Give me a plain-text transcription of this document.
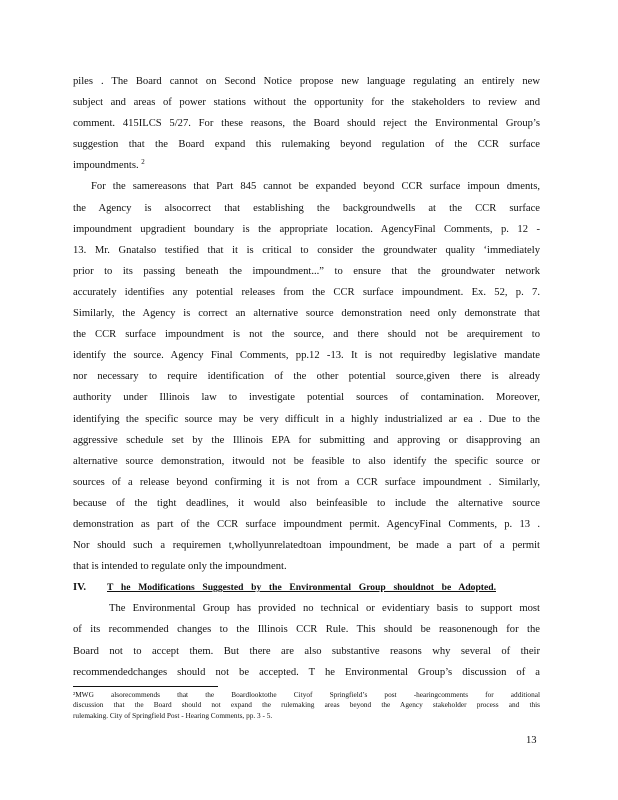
piles . The Board cannot on Second Notice propose new language regulating an entirely new
subject and areas of power stations without the opportunity for the stakeholders to review and
comment. 415ILCS 5/27. For these reasons, the Board should reject the Environmental Group’s
suggestion that the Board expand this rulemaking beyond regulation of the CCR surface
impoundments. $^2$
For the samereasons that Part 845 cannot be expanded beyond CCR surface impoun dments,
the Agency is alsocorrect that establishing the backgroundwells at the CCR surface
impoundment upgradient boundary is the appropriate location. AgencyFinal Comments, p. 12 -
13. Mr. Gnatalso testified that it is critical to consider the groundwater quality ‘immediately
prior to its passing beneath the impoundment...” to ensure that the groundwater network
accurately identifies any potential releases from the CCR surface impoundment. Ex. 52, p. 7.
Similarly, the Agency is correct an alternative source demonstration need only demonstrate that
the CCR surface impoundment is not the source, and there should not be arequirement to
identify the source. Agency Final Comments, pp.12 -13. It is not requiredby legislative mandate
nor necessary to require identification of the other potential source,given there is already
authority under Illinois law to investigate potential sources of contamination. Moreover,
identifying the specific source may be very difficult in a highly industrialized ar ea . Due to the
aggressive schedule set by the Illinois EPA for submitting and approving or disapproving an
alternative source demonstration, itwould not be feasible to also identify the specific source or
sources of a release beyond confirming it is not from a CCR surface impoundment . Similarly,
because of the tight deadlines, it would also beinfeasible to include the alternative source
demonstration as part of the CCR surface impoundment permit. AgencyFinal Comments, p. 13 .
Nor should such a requiremen t,whollyunrelatedtoan impoundment, be made a part of a permit
that is intended to regulate only the impoundment.
IV.	T he Modifications Suggested by the Environmental Group shouldnot be Adopted.
The Environmental Group has provided no technical or evidentiary basis to support most
of its recommended changes to the Illinois CCR Rule. This should be reasonenough for the
Board not to accept them. But there are also substantive reasons why several of their
recommendedchanges should not be accepted. T he Environmental Group’s discussion of a
²MWG alsorecommends that the Boardlooktothe Cityof Springfield’s post -hearingcomments for additional
discussion that the Board should not expand the rulemaking areas beyond the Agency stakeholder process and this
rulemaking. City of Springfield Post - Hearing Comments, pp. 3 - 5.
13
